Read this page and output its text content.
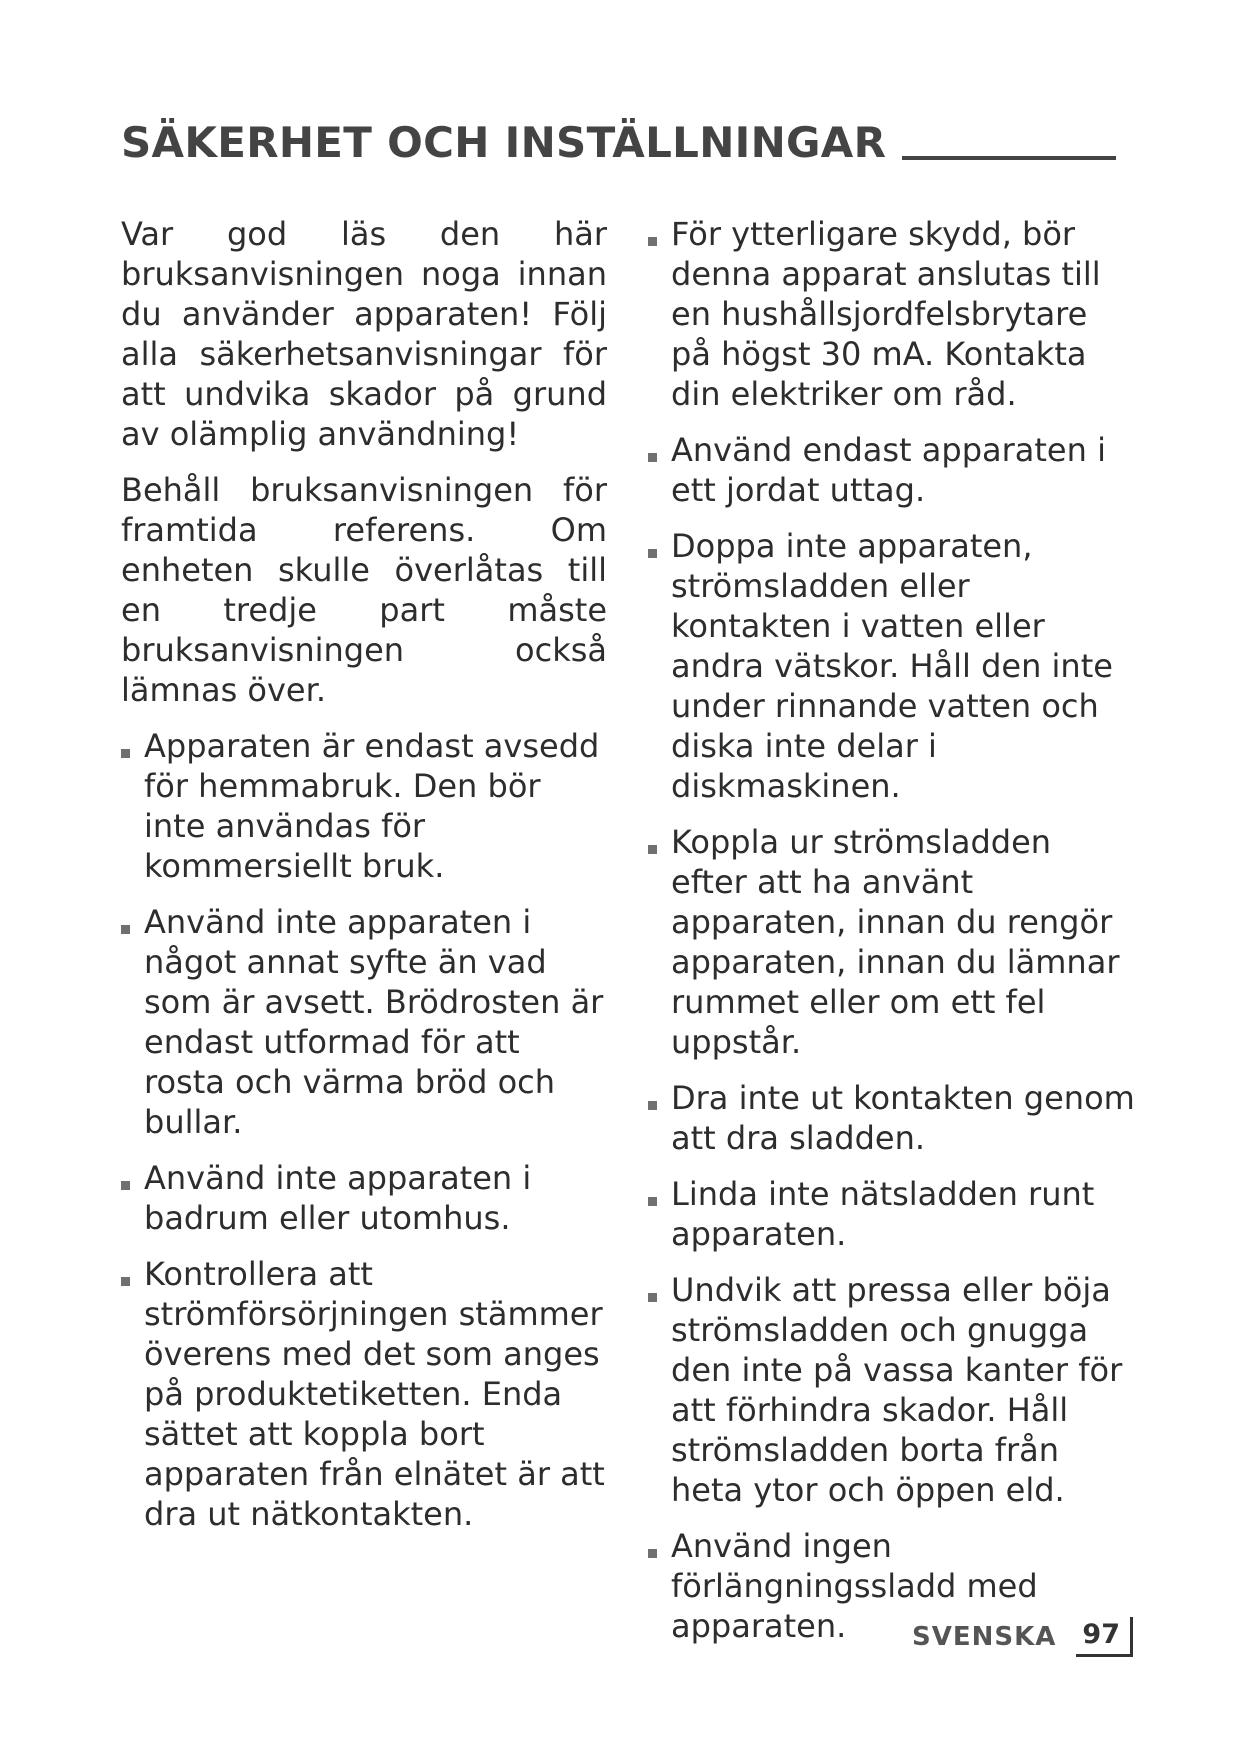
SÄKERHET OCH INSTÄLLNINGAR

Var god läs den här bruksanvisningen noga innan du använder apparaten! Följ alla säkerhetsanvisningar för att undvika skador på grund av olämplig användning!

Behåll bruksanvisningen för framtida referens. Om enheten skulle överlåtas till en tredje part måste bruksanvisningen också lämnas över.

Apparaten är endast avsedd för hemmabruk. Den bör inte användas för kommersiellt bruk.
Använd inte apparaten i något annat syfte än vad som är avsett. Brödrosten är endast utformad för att rosta och värma bröd och bullar.
Använd inte apparaten i badrum eller utomhus.
Kontrollera att strömförsörjningen stämmer överens med det som anges på produktetiketten. Enda sättet att koppla bort apparaten från elnätet är att dra ut nätkontakten.
För ytterligare skydd, bör denna apparat anslutas till en hushållsjordfelsbrytare på högst 30 mA. Kontakta din elektriker om råd.
Använd endast apparaten i ett jordat uttag.
Doppa inte apparaten, strömsladden eller kontakten i vatten eller andra vätskor. Håll den inte under rinnande vatten och diska inte delar i diskmaskinen.
Koppla ur strömsladden efter att ha använt apparaten, innan du rengör apparaten, innan du lämnar rummet eller om ett fel uppstår.
Dra inte ut kontakten genom att dra sladden.
Linda inte nätsladden runt apparaten.
Undvik att pressa eller böja strömsladden och gnugga den inte på vassa kanter för att förhindra skador. Håll strömsladden borta från heta ytor och öppen eld.
Använd ingen förlängningssladd med apparaten.	SVENSKA 97
